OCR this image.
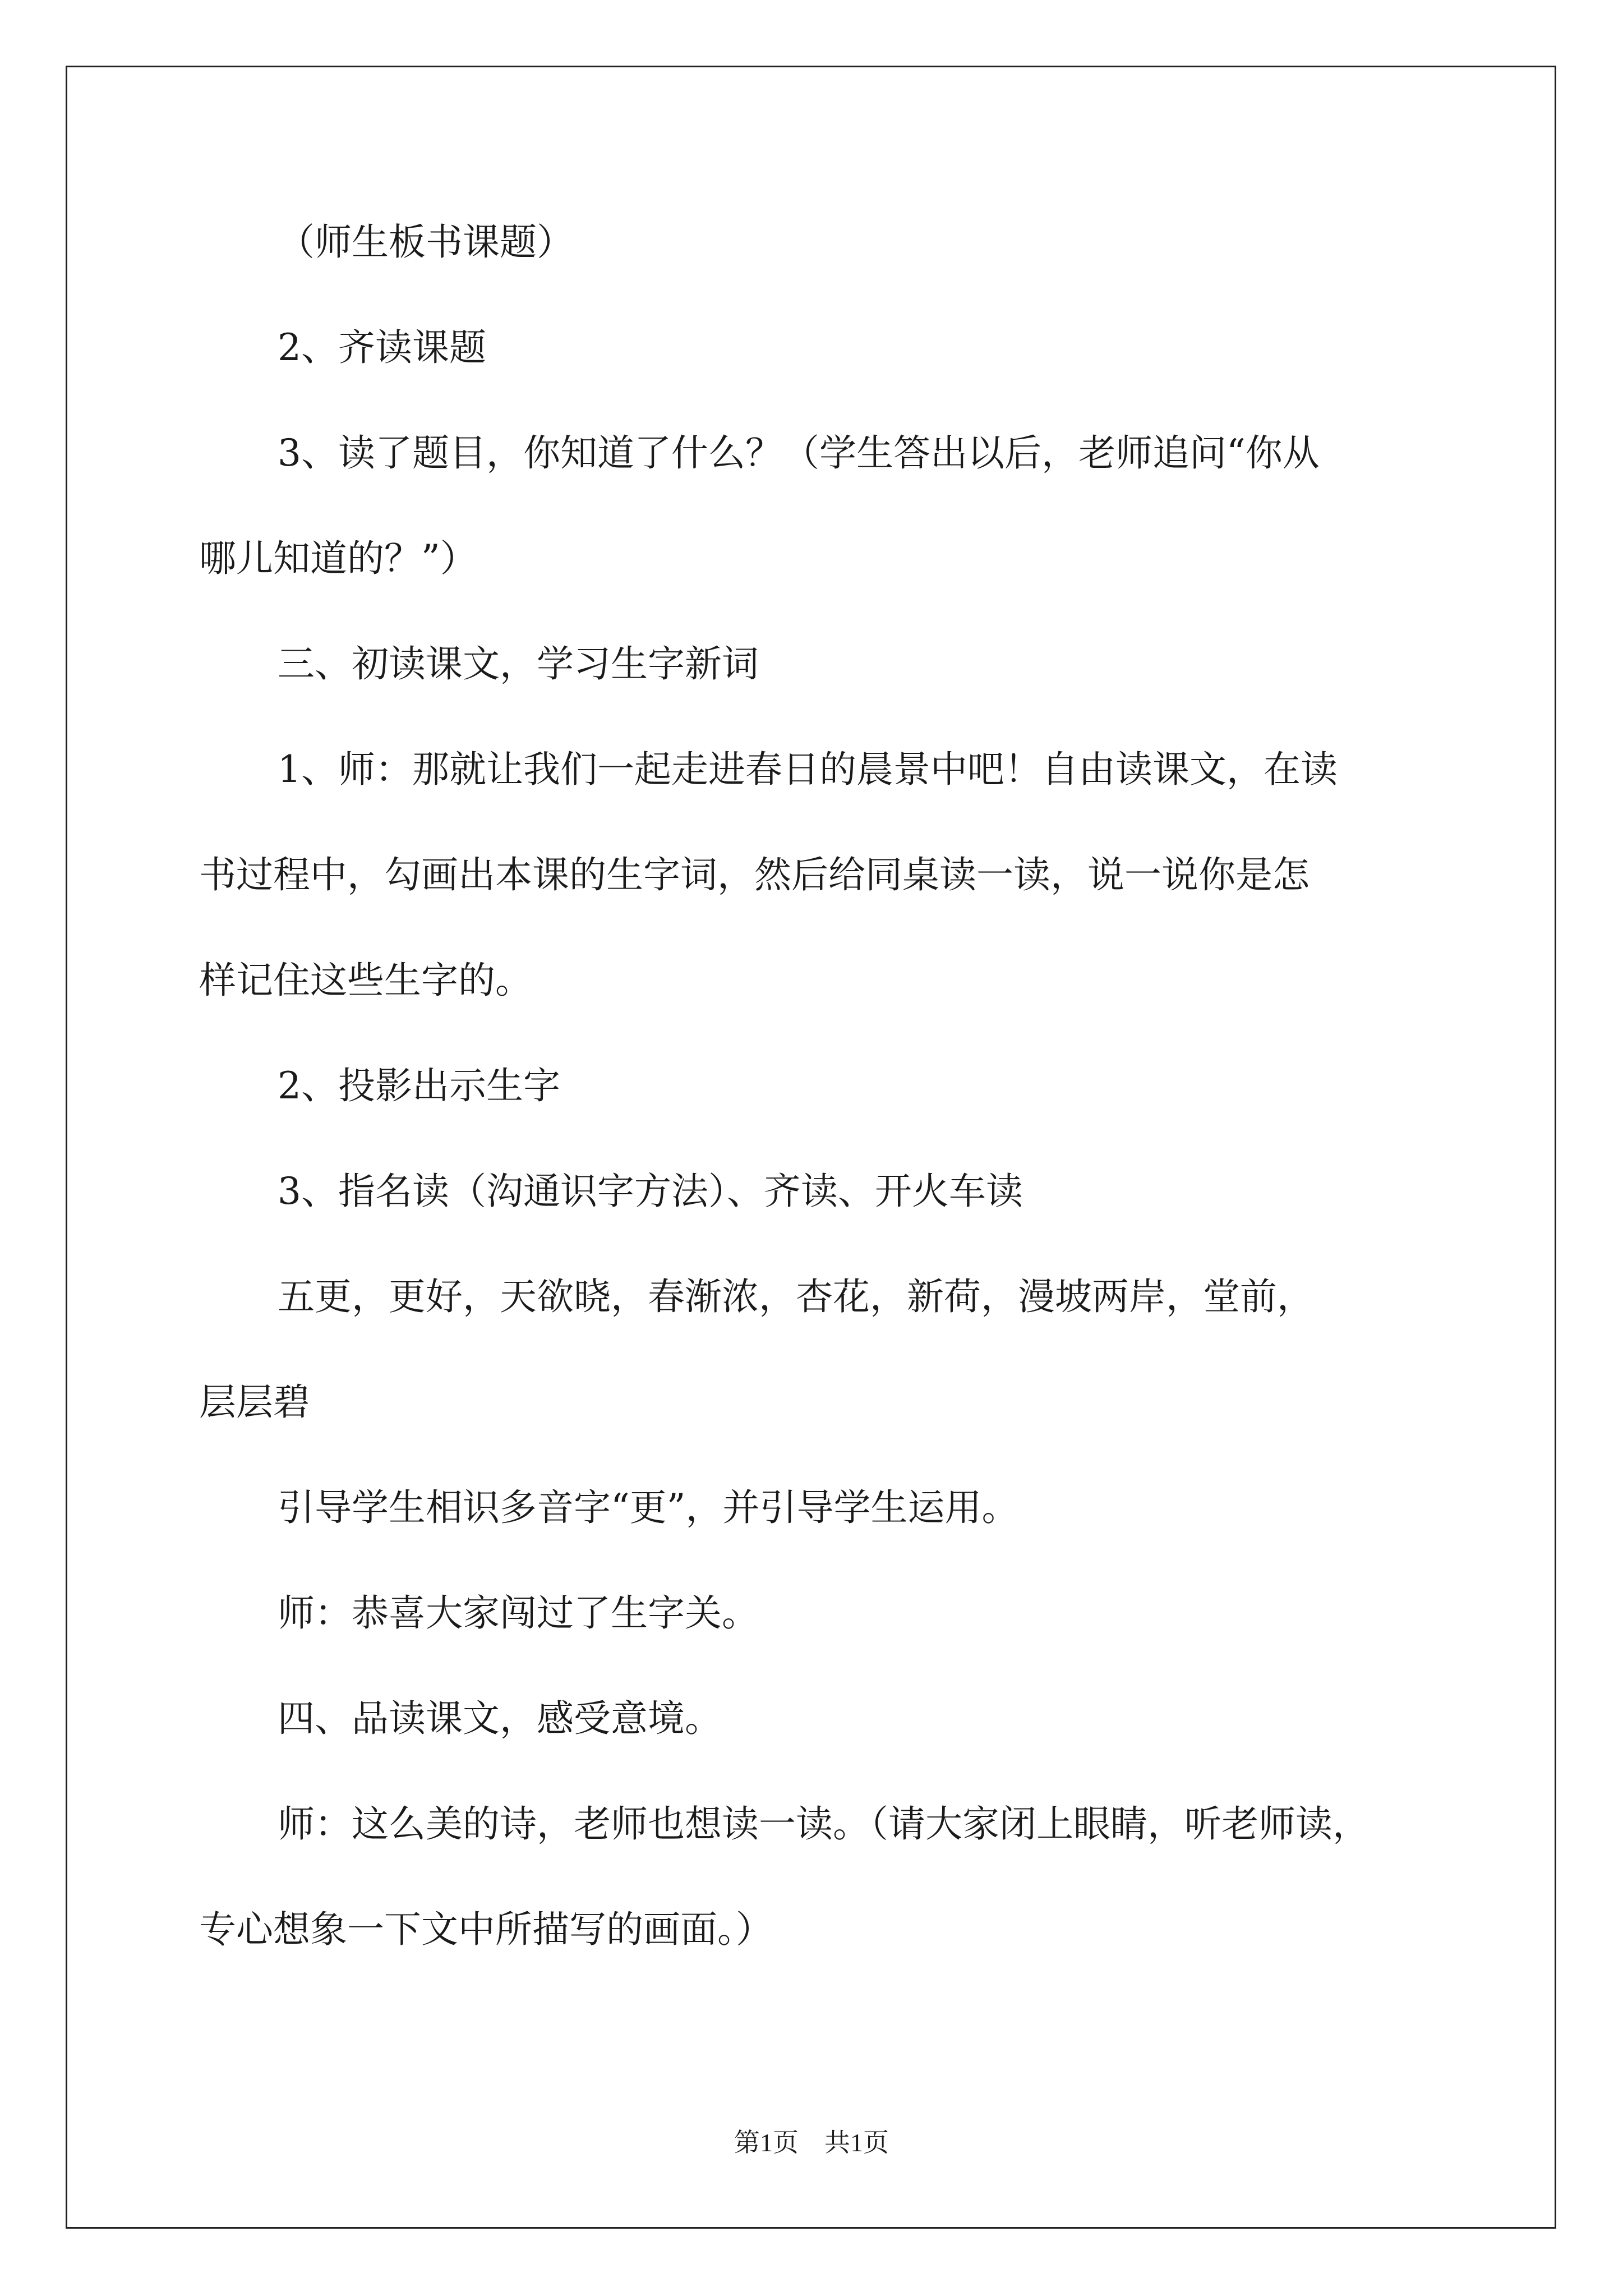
（师生板书课题）
2、齐读课题
3、读了题目，你知道了什么？（学生答出以后，老师追问“你从
哪儿知道的？”）
三、初读课文，学习生字新词
1、师：那就让我们一起走进春日的晨景中吧！自由读课文，在读
书过程中，勾画出本课的生字词，然后给同桌读一读，说一说你是怎
样记住这些生字的。
2、投影出示生字
3、指名读（沟通识字方法）、齐读、开火车读
五更，更好，天欲晓，春渐浓，杏花，新荷，漫坡两岸，堂前，
层层碧
引导学生相识多音字“更”，并引导学生运用。
师：恭喜大家闯过了生字关。
四、品读课文，感受意境。
师：这么美的诗，老师也想读一读。（请大家闭上眼睛，听老师读，
专心想象一下文中所描写的画面。）
第1页　共1页
